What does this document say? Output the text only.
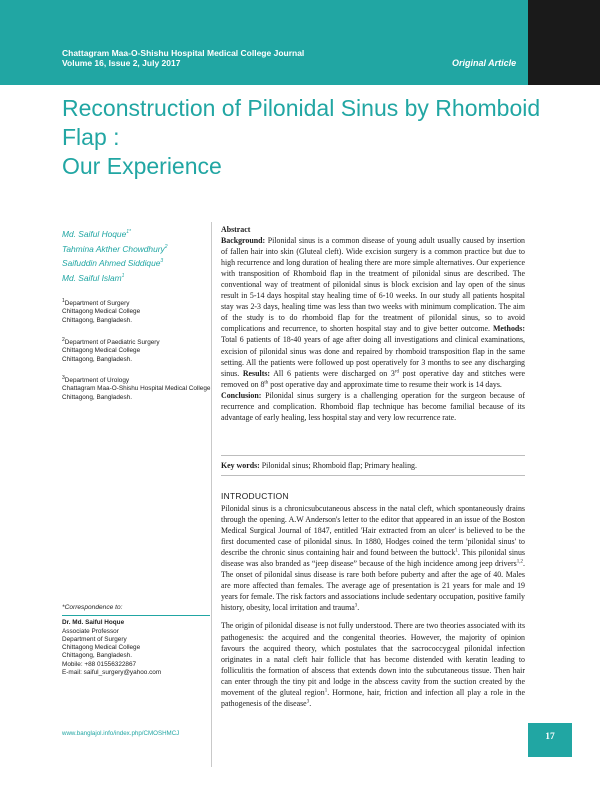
Chattagram Maa-O-Shishu Hospital Medical College Journal
Volume 16, Issue 2, July 2017	Original Article
Reconstruction of Pilonidal Sinus by Rhomboid Flap :
Our Experience
Md. Saiful Hoque$^{1*}$
Tahmina Akther Chowdhury$^2$
Saifuddin Ahmed Siddique$^3$
Md. Saiful Islam$^1$
$^1$Department of Surgery
Chittagong Medical College
Chittagong, Bangladesh.
$^2$Department of Paediatric Surgery
Chittagong Medical College
Chittagong, Bangladesh.
$^3$Department of Urology
Chattagram Maa-O-Shishu Hospital Medical College
Chittagong, Bangladesh.
*Correspondence to:
Dr. Md. Saiful Hoque
Associate Professor
Department of Surgery
Chittagong Medical College
Chittagong, Bangladesh.
Mobile: +88 01556322867
E-mail: saiful_surgery@yahoo.com
www.banglajol.info/index.php/CMOSHMCJ
Abstract
Background: Pilonidal sinus is a common disease of young adult usually caused by insertion of fallen hair into skin (Gluteal cleft). Wide excision surgery is a common practice but due to high recurrence and long duration of healing there are more simple alternatives. Our experience with transposition of Rhomboid flap in the treatment of pilonidal sinus are described. The conventional way of treatment of pilonidal sinus is block excision and lay open of the sinus result in 5-14 days hospital stay healing time of 6-10 weeks. In our study all patients hospital stay was 2-3 days, healing time was less than two weeks with minimum complication. The aim of the study is to do rhomboid flap for the treatment of pilonidal sinus, so to avoid complications and recurrence, to shorten hospital stay and to give better outcome. Methods: Total 6 patients of 18-40 years of age after doing all investigations and clinical examinations, excision of pilonidal sinus was done and repaired by rhomboid transposition flap in the same setting. All the patients were followed up post operatively for 3 months to see any discharging sinus. Results: All 6 patients were discharged on 3rd post operative day and stitches were removed on 8th post operative day and approximate time to resume their work is 14 days.
Conclusion: Pilonidal sinus surgery is a challenging operation for the surgeon because of recurrence and complication. Rhomboid flap technique has become familial because of its advantage of early healing, less hospital stay and very low recurrence rate.
Key words: Pilonidal sinus; Rhomboid flap; Primary healing.
INTRODUCTION

Pilonidal sinus is a chronicsubcutaneous abscess in the natal cleft, which spontaneously drains through the opening. A.W Anderson's letter to the editor that appeared in an issue of the Boston Medical Surgical Journal of 1847, entitled 'Hair extracted from an ulcer' is believed to be the first documented case of pilonidal sinus. In 1880, Hodges coined the term 'pilonidal sinus' to describe the chronic sinus containing hair and found between the buttock$^1$. This pilonidal sinus disease was also branded as “jeep disease” because of the high incidence among jeep drivers$^{1,2}$. The onset of pilonidal sinus disease is rare both before puberty and after the age of 40. Males are more affected than females. The average age of presentation is 21 years for male and 19 years for female. The risk factors and associations include sedentary occupation, positive family history, obesity, local irritation and trauma$^3$.

The origin of pilonidal disease is not fully understood. There are two theories associated with its pathogenesis: the acquired and the congenital theories. However, the majority of opinion favours the acquired theory, which postulates that the sacrococcygeal pilonidal infection originates in a natal cleft hair follicle that has become distended with keratin leading to folliculitis the formation of abscess that extends down into the subcutaneous tissue. Then hair can enter through the tiny pit and lodge in the abscess cavity from the suction created by the movement of the gluteal region$^1$. Hormone, hair, friction and infection all play a role in the pathogenesis of the disease$^3$.

17
